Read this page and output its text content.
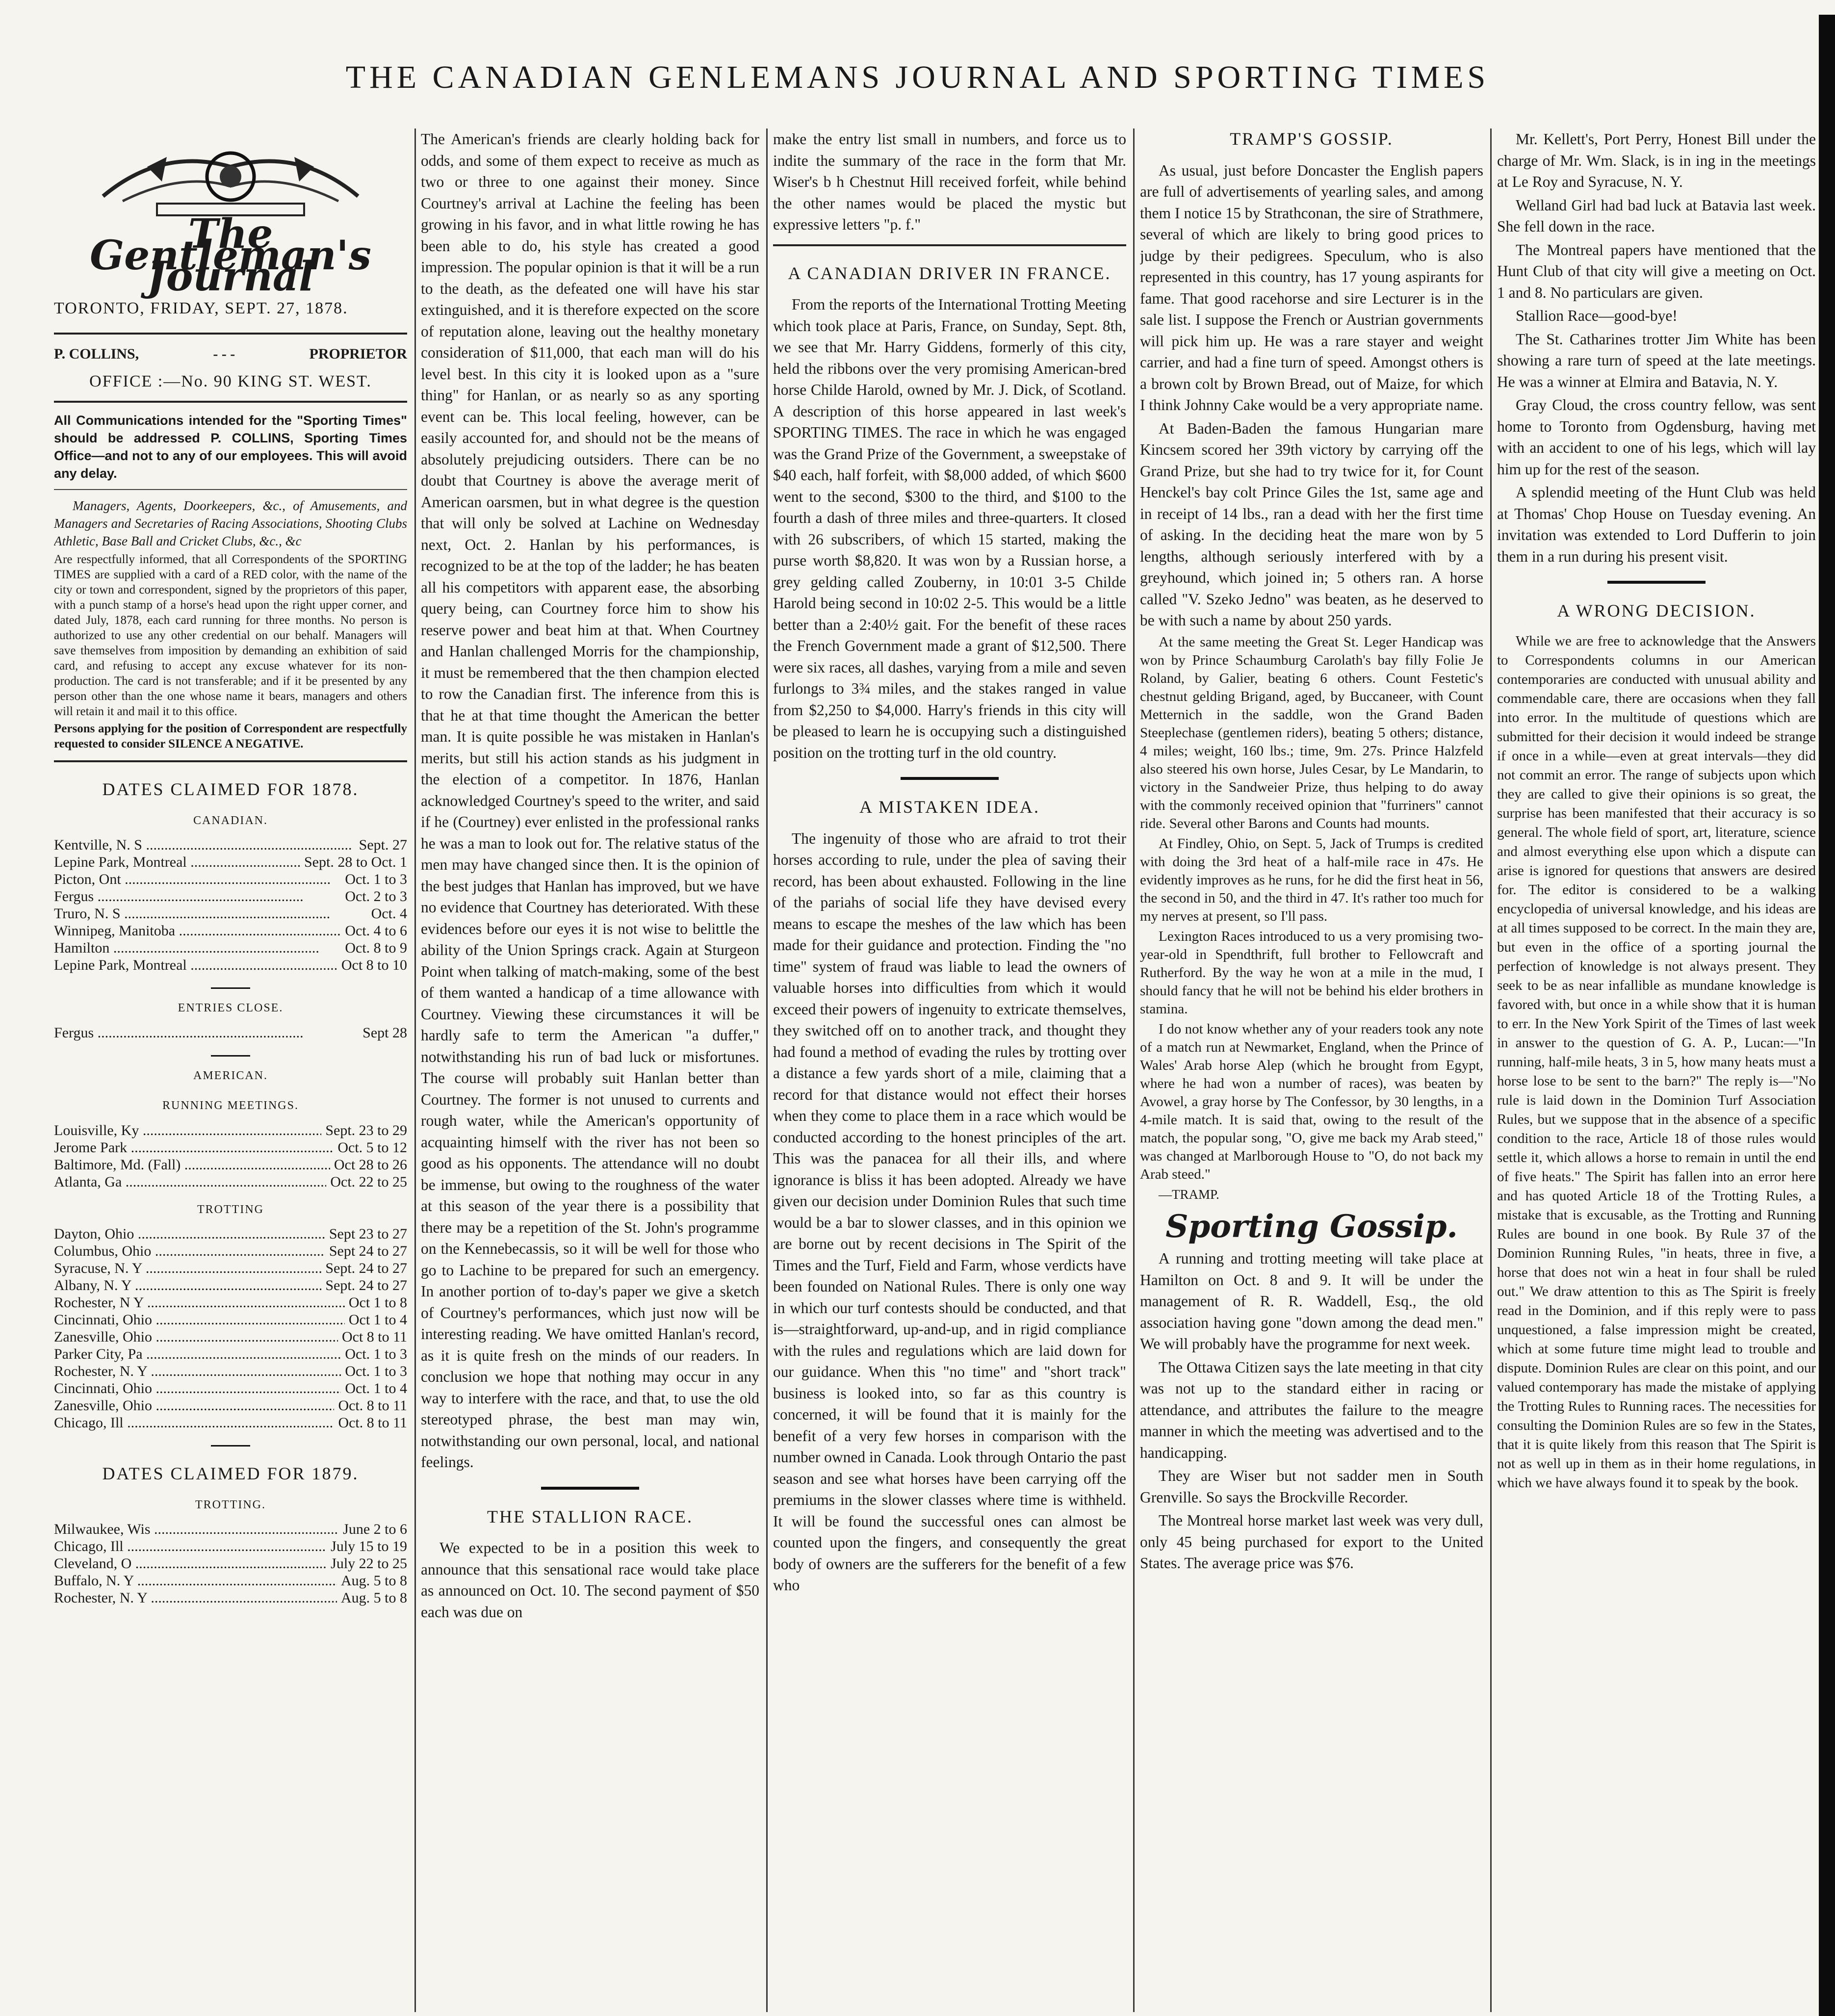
THE CANADIAN GENLEMANS JOURNAL AND SPORTING TIMES
The Gentleman's Journal
TORONTO, FRIDAY, SEPT. 27, 1878.
P. COLLINS,	- - -	PROPRIETOR
OFFICE :—No. 90 KING ST. WEST.

All Communications intended for the "Sporting Times" should be addressed P. COLLINS, Sporting Times Office—and not to any of our employees. This will avoid any delay.

Managers, Agents, Doorkeepers, &c., of Amusements, and Managers and Secretaries of Racing Associations, Shooting Clubs Athletic, Base Ball and Cricket Clubs, &c., &c

Are respectfully informed, that all Correspondents of the SPORTING TIMES are supplied with a card of a RED color, with the name of the city or town and correspondent, signed by the proprietors of this paper, with a punch stamp of a horse's head upon the right upper corner, and dated July, 1878, each card running for three months. No person is authorized to use any other credential on our behalf. Managers will save themselves from imposition by demanding an exhibition of said card, and refusing to accept any excuse whatever for its non-production. The card is not transferable; and if it be presented by any person other than the one whose name it bears, managers and others will retain it and mail it to this office.

Persons applying for the position of Correspondent are respectfully requested to consider SILENCE A NEGATIVE.

DATES CLAIMED FOR 1878.
CANADIAN.
Kentville, N. S .....	Sept. 27
Lepine Park, Montreal .....	Sept. 28 to Oct. 1
Picton, Ont .....	Oct. 1 to 3
Fergus .....	Oct. 2 to 3
Truro, N. S .....	Oct. 4
Winnipeg, Manitoba .....	Oct. 4 to 6
Hamilton .....	Oct. 8 to 9
Lepine Park, Montreal .....	Oct 8 to 10
ENTRIES CLOSE.
Fergus .....	Sept 28
AMERICAN.
RUNNING MEETINGS.
Louisville, Ky .....	Sept. 23 to 29
Jerome Park .....	Oct. 5 to 12
Baltimore, Md. (Fall) .....	Oct 28 to 26
Atlanta, Ga .....	Oct. 22 to 25
TROTTING
Dayton, Ohio .....	Sept 23 to 27
Columbus, Ohio .....	Sept 24 to 27
Syracuse, N. Y .....	Sept. 24 to 27
Albany, N. Y .....	Sept. 24 to 27
Rochester, N Y .....	Oct 1 to 8
Cincinnati, Ohio .....	Oct 1 to 4
Zanesville, Ohio .....	Oct 8 to 11
Parker City, Pa .....	Oct. 1 to 3
Rochester, N. Y .....	Oct. 1 to 3
Cincinnati, Ohio .....	Oct. 1 to 4
Zanesville, Ohio .....	Oct. 8 to 11
Chicago, Ill .....	Oct. 8 to 11
DATES CLAIMED FOR 1879.
TROTTING.
Milwaukee, Wis .....	June 2 to 6
Chicago, Ill .....	July 15 to 19
Cleveland, O .....	July 22 to 25
Buffalo, N. Y .....	Aug. 5 to 8
Rochester, N. Y .....	Aug. 5 to 8

The American's friends are clearly holding back for odds, and some of them expect to receive as much as two or three to one against their money. Since Courtney's arrival at Lachine the feeling has been growing in his favor, and in what little rowing he has been able to do, his style has created a good impression. The popular opinion is that it will be a run to the death, as the defeated one will have his star extinguished, and it is therefore expected on the score of reputation alone, leaving out the healthy monetary consideration of $11,000, that each man will do his level best. In this city it is looked upon as a "sure thing" for Hanlan, or as nearly so as any sporting event can be. This local feeling, however, can be easily accounted for, and should not be the means of absolutely prejudicing outsiders. There can be no doubt that Courtney is above the average merit of American oarsmen, but in what degree is the question that will only be solved at Lachine on Wednesday next, Oct. 2. Hanlan by his performances, is recognized to be at the top of the ladder; he has beaten all his competitors with apparent ease, the absorbing query being, can Courtney force him to show his reserve power and beat him at that. When Courtney and Hanlan challenged Morris for the championship, it must be remembered that the then champion elected to row the Canadian first. The inference from this is that he at that time thought the American the better man. It is quite possible he was mistaken in Hanlan's merits, but still his action stands as his judgment in the election of a competitor. In 1876, Hanlan acknowledged Courtney's speed to the writer, and said if he (Courtney) ever enlisted in the professional ranks he was a man to look out for. The relative status of the men may have changed since then. It is the opinion of the best judges that Hanlan has improved, but we have no evidence that Courtney has deteriorated. With these evidences before our eyes it is not wise to belittle the ability of the Union Springs crack. Again at Sturgeon Point when talking of match-making, some of the best of them wanted a handicap of a time allowance with Courtney. Viewing these circumstances it will be hardly safe to term the American "a duffer," notwithstanding his run of bad luck or misfortunes. The course will probably suit Hanlan better than Courtney. The former is not unused to currents and rough water, while the American's opportunity of acquainting himself with the river has not been so good as his opponents. The attendance will no doubt be immense, but owing to the roughness of the water at this season of the year there is a possibility that there may be a repetition of the St. John's programme on the Kennebecassis, so it will be well for those who go to Lachine to be prepared for such an emergency. In another portion of to-day's paper we give a sketch of Courtney's performances, which just now will be interesting reading. We have omitted Hanlan's record, as it is quite fresh on the minds of our readers. In conclusion we hope that nothing may occur in any way to interfere with the race, and that, to use the old stereotyped phrase, the best man may win, notwithstanding our own personal, local, and national feelings.

THE STALLION RACE.

We expected to be in a position this week to announce that this sensational race would take place as announced on Oct. 10. The second payment of $50 each was due on

make the entry list small in numbers, and force us to indite the summary of the race in the form that Mr. Wiser's b h Chestnut Hill received forfeit, while behind the other names would be placed the mystic but expressive letters "p. f."

A CANADIAN DRIVER IN FRANCE.

From the reports of the International Trotting Meeting which took place at Paris, France, on Sunday, Sept. 8th, we see that Mr. Harry Giddens, formerly of this city, held the ribbons over the very promising American-bred horse Childe Harold, owned by Mr. J. Dick, of Scotland. A description of this horse appeared in last week's SPORTING TIMES. The race in which he was engaged was the Grand Prize of the Government, a sweepstake of $40 each, half forfeit, with $8,000 added, of which $600 went to the second, $300 to the third, and $100 to the fourth a dash of three miles and three-quarters. It closed with 26 subscribers, of which 15 started, making the purse worth $8,820. It was won by a Russian horse, a grey gelding called Zouberny, in 10:01 3-5 Childe Harold being second in 10:02 2-5. This would be a little better than a 2:40½ gait. For the benefit of these races the French Government made a grant of $12,500. There were six races, all dashes, varying from a mile and seven furlongs to 3¾ miles, and the stakes ranged in value from $2,250 to $4,000. Harry's friends in this city will be pleased to learn he is occupying such a distinguished position on the trotting turf in the old country.

A MISTAKEN IDEA.

The ingenuity of those who are afraid to trot their horses according to rule, under the plea of saving their record, has been about exhausted. Following in the line of the pariahs of social life they have devised every means to escape the meshes of the law which has been made for their guidance and protection. Finding the "no time" system of fraud was liable to lead the owners of valuable horses into difficulties from which it would exceed their powers of ingenuity to extricate themselves, they switched off on to another track, and thought they had found a method of evading the rules by trotting over a distance a few yards short of a mile, claiming that a record for that distance would not effect their horses when they come to place them in a race which would be conducted according to the honest principles of the art. This was the panacea for all their ills, and where ignorance is bliss it has been adopted. Already we have given our decision under Dominion Rules that such time would be a bar to slower classes, and in this opinion we are borne out by recent decisions in The Spirit of the Times and the Turf, Field and Farm, whose verdicts have been founded on National Rules. There is only one way in which our turf contests should be conducted, and that is—straightforward, up-and-up, and in rigid compliance with the rules and regulations which are laid down for our guidance. When this "no time" and "short track" business is looked into, so far as this country is concerned, it will be found that it is mainly for the benefit of a very few horses in comparison with the number owned in Canada. Look through Ontario the past season and see what horses have been carrying off the premiums in the slower classes where time is withheld. It will be found the successful ones can almost be counted upon the fingers, and consequently the great body of owners are the sufferers for the benefit of a few who

TRAMP'S GOSSIP.

As usual, just before Doncaster the English papers are full of advertisements of yearling sales, and among them I notice 15 by Strathconan, the sire of Strathmere, several of which are likely to bring good prices to judge by their pedigrees. Speculum, who is also represented in this country, has 17 young aspirants for fame. That good racehorse and sire Lecturer is in the sale list. I suppose the French or Austrian governments will pick him up. He was a rare stayer and weight carrier, and had a fine turn of speed. Amongst others is a brown colt by Brown Bread, out of Maize, for which I think Johnny Cake would be a very appropriate name.

At Baden-Baden the famous Hungarian mare Kincsem scored her 39th victory by carrying off the Grand Prize, but she had to try twice for it, for Count Henckel's bay colt Prince Giles the 1st, same age and in receipt of 14 lbs., ran a dead with her the first time of asking. In the deciding heat the mare won by 5 lengths, although seriously interfered with by a greyhound, which joined in; 5 others ran. A horse called "V. Szeko Jedno" was beaten, as he deserved to be with such a name by about 250 yards.

At the same meeting the Great St. Leger Handicap was won by Prince Schaumburg Carolath's bay filly Folie Je Roland, by Galier, beating 6 others. Count Festetic's chestnut gelding Brigand, aged, by Buccaneer, with Count Metternich in the saddle, won the Grand Baden Steeplechase (gentlemen riders), beating 5 others; distance, 4 miles; weight, 160 lbs.; time, 9m. 27s. Prince Halzfeld also steered his own horse, Jules Cesar, by Le Mandarin, to victory in the Sandweier Prize, thus helping to do away with the commonly received opinion that "furriners" cannot ride. Several other Barons and Counts had mounts.

At Findley, Ohio, on Sept. 5, Jack of Trumps is credited with doing the 3rd heat of a half-mile race in 47s. He evidently improves as he runs, for he did the first heat in 56, the second in 50, and the third in 47. It's rather too much for my nerves at present, so I'll pass.

Lexington Races introduced to us a very promising two-year-old in Spendthrift, full brother to Fellowcraft and Rutherford. By the way he won at a mile in the mud, I should fancy that he will not be behind his elder brothers in stamina.

I do not know whether any of your readers took any note of a match run at Newmarket, England, when the Prince of Wales' Arab horse Alep (which he brought from Egypt, where he had won a number of races), was beaten by Avowel, a gray horse by The Confessor, by 30 lengths, in a 4-mile match. It is said that, owing to the result of the match, the popular song, "O, give me back my Arab steed," was changed at Marlborough House to "O, do not back my Arab steed."

—TRAMP.

Sporting Gossip.

A running and trotting meeting will take place at Hamilton on Oct. 8 and 9. It will be under the management of R. R. Waddell, Esq., the old association having gone "down among the dead men." We will probably have the programme for next week.

The Ottawa Citizen says the late meeting in that city was not up to the standard either in racing or attendance, and attributes the failure to the meagre manner in which the meeting was advertised and to the handicapping.

They are Wiser but not sadder men in South Grenville. So says the Brockville Recorder.

The Montreal horse market last week was very dull, only 45 being purchased for export to the United States. The average price was $76.

Mr. Kellett's, Port Perry, Honest Bill under the charge of Mr. Wm. Slack, is in ing in the meetings at Le Roy and Syracuse, N. Y.

Welland Girl had bad luck at Batavia last week. She fell down in the race.

The Montreal papers have mentioned that the Hunt Club of that city will give a meeting on Oct. 1 and 8. No particulars are given.

Stallion Race—good-bye!

The St. Catharines trotter Jim White has been showing a rare turn of speed at the late meetings. He was a winner at Elmira and Batavia, N. Y.

Gray Cloud, the cross country fellow, was sent home to Toronto from Ogdensburg, having met with an accident to one of his legs, which will lay him up for the rest of the season.

A splendid meeting of the Hunt Club was held at Thomas' Chop House on Tuesday evening. An invitation was extended to Lord Dufferin to join them in a run during his present visit.

A WRONG DECISION.

While we are free to acknowledge that the Answers to Correspondents columns in our American contemporaries are conducted with unusual ability and commendable care, there are occasions when they fall into error. In the multitude of questions which are submitted for their decision it would indeed be strange if once in a while—even at great intervals—they did not commit an error. The range of subjects upon which they are called to give their opinions is so great, the surprise has been manifested that their accuracy is so general. The whole field of sport, art, literature, science and almost everything else upon which a dispute can arise is ignored for questions that answers are desired for. The editor is considered to be a walking encyclopedia of universal knowledge, and his ideas are at all times supposed to be correct. In the main they are, but even in the office of a sporting journal the perfection of knowledge is not always present. They seek to be as near infallible as mundane knowledge is favored with, but once in a while show that it is human to err. In the New York Spirit of the Times of last week in answer to the question of G. A. P., Lucan:—"In running, half-mile heats, 3 in 5, how many heats must a horse lose to be sent to the barn?" The reply is—"No rule is laid down in the Dominion Turf Association Rules, but we suppose that in the absence of a specific condition to the race, Article 18 of those rules would settle it, which allows a horse to remain in until the end of five heats." The Spirit has fallen into an error here and has quoted Article 18 of the Trotting Rules, a mistake that is excusable, as the Trotting and Running Rules are bound in one book. By Rule 37 of the Dominion Running Rules, "in heats, three in five, a horse that does not win a heat in four shall be ruled out." We draw attention to this as The Spirit is freely read in the Dominion, and if this reply were to pass unquestioned, a false impression might be created, which at some future time might lead to trouble and dispute. Dominion Rules are clear on this point, and our valued contemporary has made the mistake of applying the Trotting Rules to Running races. The necessities for consulting the Dominion Rules are so few in the States, that it is quite likely from this reason that The Spirit is not as well up in them as in their home regulations, in which we have always found it to speak by the book.
